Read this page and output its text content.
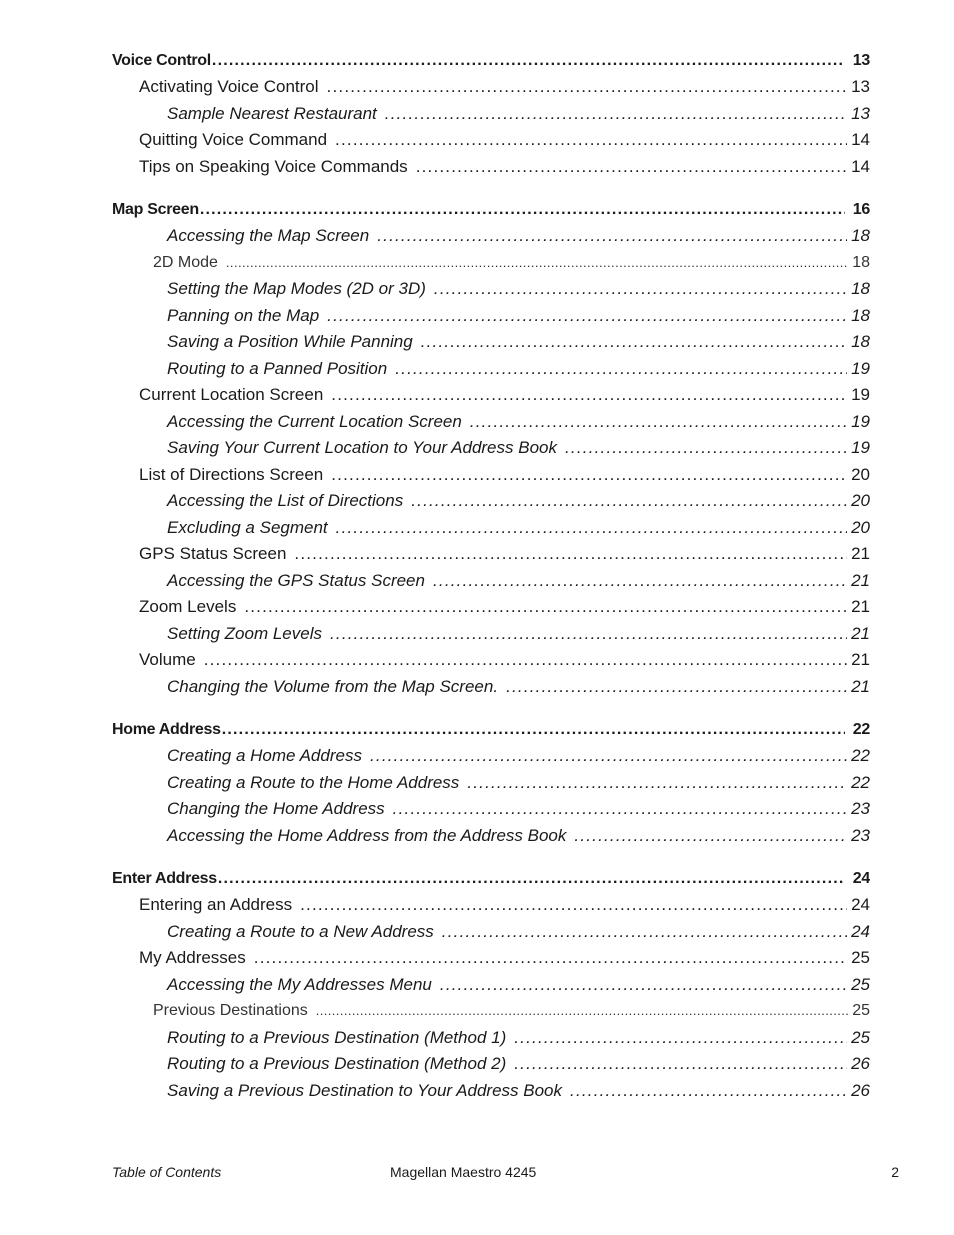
Voice Control .....	13
Activating Voice Control .....	13
Sample Nearest Restaurant .....	13
Quitting Voice Command .....	14
Tips on Speaking Voice Commands .....	14
Map Screen .....	16
Accessing the Map Screen .....	18
2D Mode .....	18
Setting the Map Modes (2D or 3D) .....	18
Panning on the Map .....	18
Saving a Position While Panning .....	18
Routing to a Panned Position .....	19
Current Location Screen .....	19
Accessing the Current Location Screen .....	19
Saving Your Current Location to Your Address Book .....	19
List of Directions Screen .....	20
Accessing the List of Directions .....	20
Excluding a Segment .....	20
GPS Status Screen .....	21
Accessing the GPS Status Screen .....	21
Zoom Levels .....	21
Setting Zoom Levels .....	21
Volume .....	21
Changing the Volume from the Map Screen. .....	21
Home Address .....	22
Creating a Home Address .....	22
Creating a Route to the Home Address .....	22
Changing the Home Address .....	23
Accessing the Home Address from the Address Book .....	23
Enter Address .....	24
Entering an Address .....	24
Creating a Route to a New Address .....	24
My Addresses .....	25
Accessing the My Addresses Menu .....	25
Previous Destinations .....	25
Routing to a Previous Destination (Method 1) .....	25
Routing to a Previous Destination (Method 2) .....	26
Saving a Previous Destination to Your Address Book .....	26
Table of Contents	Magellan Maestro 4245	2
